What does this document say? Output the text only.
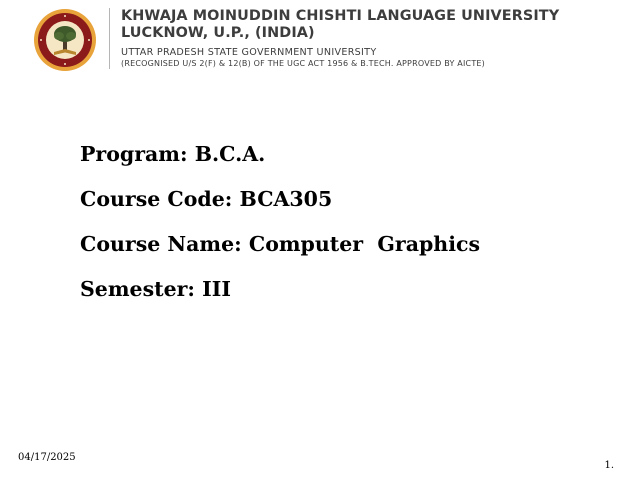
KHWAJA MOINUDDIN CHISHTI LANGUAGE UNIVERSITY
LUCKNOW, U.P., (INDIA)
UTTAR PRADESH STATE GOVERNMENT UNIVERSITY
(RECOGNISED U/S 2(F) & 12(B) OF THE UGC ACT 1956 & B.TECH. APPROVED BY AICTE)
Program: B.C.A.
Course Code: BCA305
Course Name: Computer  Graphics
Semester: III
04/17/2025
1.
